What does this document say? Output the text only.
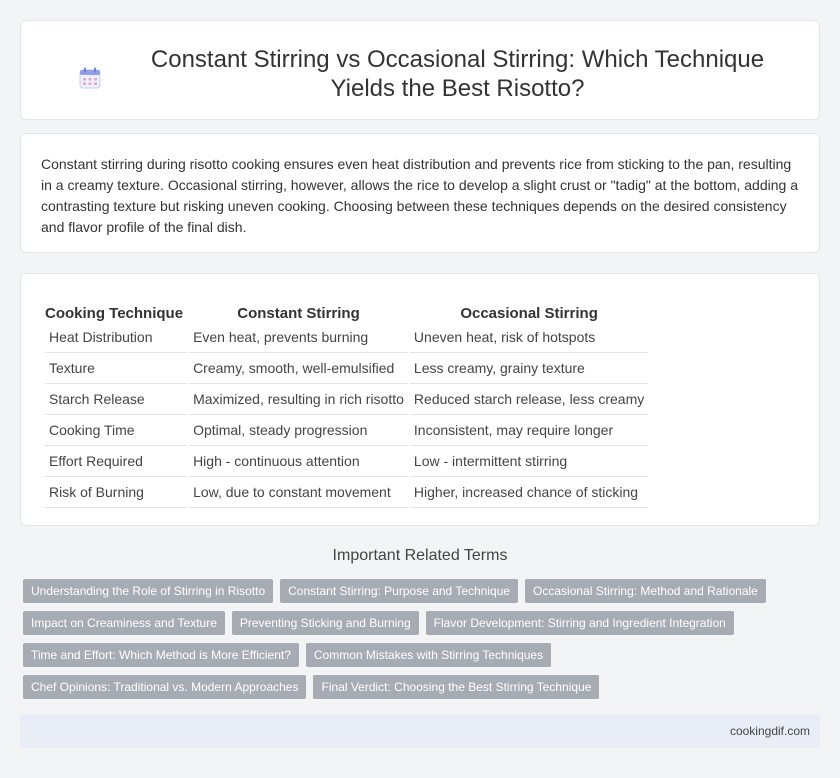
Constant Stirring vs Occasional Stirring: Which Technique Yields the Best Risotto?

Constant stirring during risotto cooking ensures even heat distribution and prevents rice from sticking to the pan, resulting in a creamy texture. Occasional stirring, however, allows the rice to develop a slight crust or "tadig" at the bottom, adding a contrasting texture but risking uneven cooking. Choosing between these techniques depends on the desired consistency and flavor profile of the final dish.

Cooking Technique	Constant Stirring	Occasional Stirring
Heat Distribution	Even heat, prevents burning	Uneven heat, risk of hotspots
Texture	Creamy, smooth, well-emulsified	Less creamy, grainy texture
Starch Release	Maximized, resulting in rich risotto	Reduced starch release, less creamy
Cooking Time	Optimal, steady progression	Inconsistent, may require longer
Effort Required	High - continuous attention	Low - intermittent stirring
Risk of Burning	Low, due to constant movement	Higher, increased chance of sticking
Important Related Terms
Understanding the Role of Stirring in Risotto	Constant Stirring: Purpose and Technique	Occasional Stirring: Method and Rationale
Impact on Creaminess and Texture	Preventing Sticking and Burning	Flavor Development: Stirring and Ingredient Integration
Time and Effort: Which Method is More Efficient?	Common Mistakes with Stirring Techniques
Chef Opinions: Traditional vs. Modern Approaches	Final Verdict: Choosing the Best Stirring Technique
cookingdif.com
